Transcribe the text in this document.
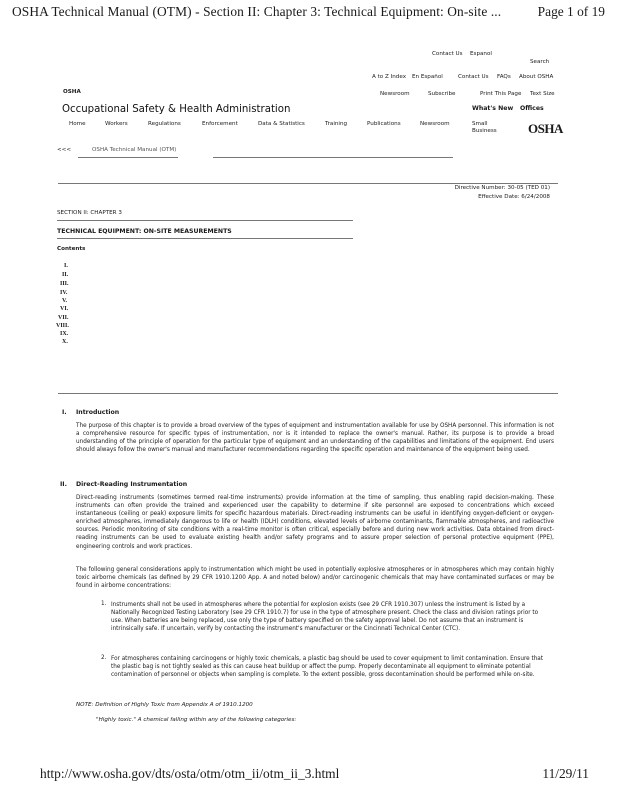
OSHA Technical Manual (OTM) - Section II: Chapter 3: Technical Equipment: On-site ...	Page 1 of 19
Contact Us Espanol
Search
A to Z Index En Español	Contact Us FAQs About OSHA
OSHA	Newsroom	Subscribe	Print This Page Text Size
Occupational Safety & Health Administration	What's New Offices
OSHA
Home	Workers	Regulations	Enforcement	Data & Statistics	Training	Publications	Newsroom	Small Business
<<<	OSHA Technical Manual (OTM)
Directive Number: 30-05 (TED 01)
Effective Date: 6/24/2008
SECTION II: CHAPTER 3
TECHNICAL EQUIPMENT: ON-SITE MEASUREMENTS
Contents
I.
II.
III.
IV.
V.
VI.
VII.
VIII.
IX.
X.
I. Introduction
The purpose of this chapter is to provide a broad overview of the types of equipment and instrumentation available for use by OSHA personnel. This information is not a comprehensive resource for specific types of instrumentation, nor is it intended to replace the owner's manual. Rather, its purpose is to provide a broad understanding of the principle of operation for the particular type of equipment and an understanding of the capabilities and limitations of the equipment. End users should always follow the owner's manual and manufacturer recommendations regarding the specific operation and maintenance of the equipment being used.
II. Direct-Reading Instrumentation
Direct-reading instruments (sometimes termed real-time instruments) provide information at the time of sampling, thus enabling rapid decision-making. These instruments can often provide the trained and experienced user the capability to determine if site personnel are exposed to concentrations which exceed instantaneous (ceiling or peak) exposure limits for specific hazardous materials. Direct-reading instruments can be useful in identifying oxygen-deficient or oxygen-enriched atmospheres, immediately dangerous to life or health (IDLH) conditions, elevated levels of airborne contaminants, flammable atmospheres, and radioactive sources. Periodic monitoring of site conditions with a real-time monitor is often critical, especially before and during new work activities. Data obtained from direct-reading instruments can be used to evaluate existing health and/or safety programs and to assure proper selection of personal protective equipment (PPE), engineering controls and work practices.
The following general considerations apply to instrumentation which might be used in potentially explosive atmospheres or in atmospheres which may contain highly toxic airborne chemicals (as defined by 29 CFR 1910.1200 App. A and noted below) and/or carcinogenic chemicals that may have contaminated surfaces or may be found in airborne concentrations:
1. Instruments shall not be used in atmospheres where the potential for explosion exists (see 29 CFR 1910.307) unless the instrument is listed by a Nationally Recognized Testing Laboratory (see 29 CFR 1910.7) for use in the type of atmosphere present. Check the class and division ratings prior to use. When batteries are being replaced, use only the type of battery specified on the safety approval label. Do not assume that an instrument is intrinsically safe. If uncertain, verify by contacting the instrument's manufacturer or the Cincinnati Technical Center (CTC).
2. For atmospheres containing carcinogens or highly toxic chemicals, a plastic bag should be used to cover equipment to limit contamination. Ensure that the plastic bag is not tightly sealed as this can cause heat buildup or affect the pump. Properly decontaminate all equipment to eliminate potential contamination of personnel or objects when sampling is complete. To the extent possible, gross decontamination should be performed while on-site.
NOTE: Definition of Highly Toxic from Appendix A of 1910.1200
"Highly toxic." A chemical falling within any of the following categories:
http://www.osha.gov/dts/osta/otm/otm_ii/otm_ii_3.html	11/29/11
